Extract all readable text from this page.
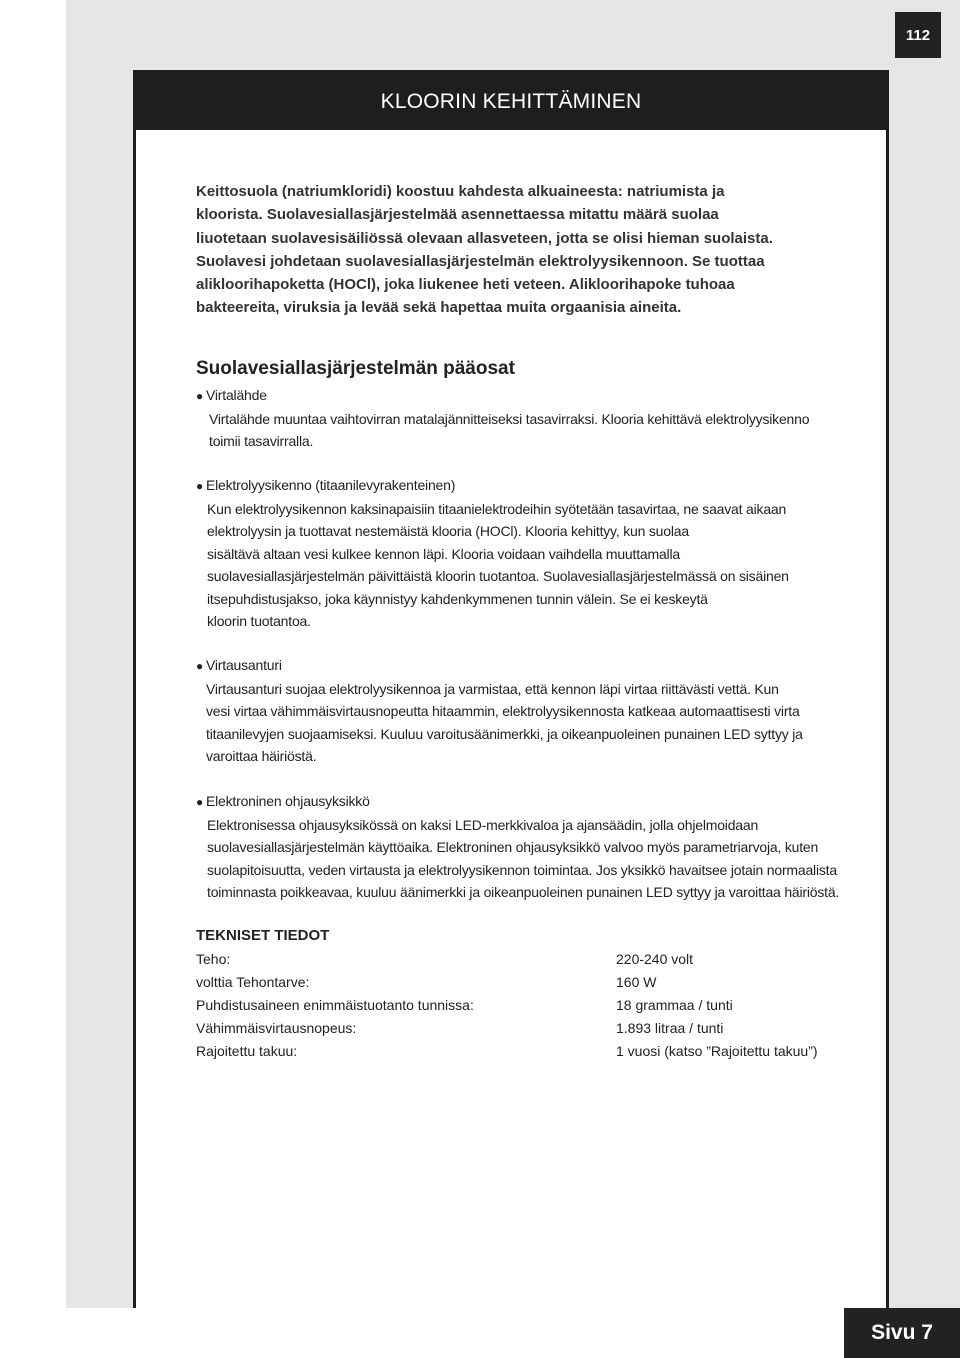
112
KLOORIN KEHITTÄMINEN

Keittosuola (natriumkloridi) koostuu kahdesta alkuaineesta: natriumista ja

kloorista. Suolavesiallasjärjestelmää asennettaessa mitattu määrä suolaa

liuotetaan suolavesisäiliössä olevaan allasveteen, jotta se olisi hieman suolaista.

Suolavesi johdetaan suolavesiallasjärjestelmän elektrolyysikennoon. Se tuottaa

alikloorihapoketta (HOCl), joka liukenee heti veteen. Alikloorihapoke tuhoaa

bakteereita, viruksia ja levää sekä hapettaa muita orgaanisia aineita.

Suolavesiallasjärjestelmän pääosat
● Virtalähde
Virtalähde muuntaa vaihtovirran matalajännitteiseksi tasavirraksi. Klooria kehittävä elektrolyysikenno
toimii tasavirralla.
● Elektrolyysikenno (titaanilevyrakenteinen)
Kun elektrolyysikennon kaksinapaisiin titaanielektrodeihin syötetään tasavirtaa, ne saavat aikaan
elektrolyysin ja tuottavat nestemäistä klooria (HOCl). Klooria kehittyy, kun suolaa
sisältävä altaan vesi kulkee kennon läpi. Klooria voidaan vaihdella muuttamalla
suolavesiallasjärjestelmän päivittäistä kloorin tuotantoa. Suolavesiallasjärjestelmässä on sisäinen
itsepuhdistusjakso, joka käynnistyy kahdenkymmenen tunnin välein. Se ei keskeytä
kloorin tuotantoa.
● Virtausanturi
Virtausanturi suojaa elektrolyysikennoa ja varmistaa, että kennon läpi virtaa riittävästi vettä. Kun
vesi virtaa vähimmäisvirtausnopeutta hitaammin, elektrolyysikennosta katkeaa automaattisesti virta
titaanilevyjen suojaamiseksi. Kuuluu varoitusäänimerkki, ja oikeanpuoleinen punainen LED syttyy ja
varoittaa häiriöstä.
● Elektroninen ohjausyksikkö
Elektronisessa ohjausyksikössä on kaksi LED-merkkivaloa ja ajansäädin, jolla ohjelmoidaan
suolavesiallasjärjestelmän käyttöaika. Elektroninen ohjausyksikkö valvoo myös parametriarvoja, kuten
suolapitoisuutta, veden virtausta ja elektrolyysikennon toimintaa. Jos yksikkö havaitsee jotain normaalista
toiminnasta poikkeavaa, kuuluu äänimerkki ja oikeanpuoleinen punainen LED syttyy ja varoittaa häiriöstä.
TEKNISET TIEDOT
Teho:	220-240 volt
volttia Tehontarve:	160 W
Puhdistusaineen enimmäistuotanto tunnissa:	18 grammaa / tunti
Vähimmäisvirtausnopeus:	1.893 litraa / tunti
Rajoitettu takuu:	1 vuosi (katso ”Rajoitettu takuu”)
Sivu 7
